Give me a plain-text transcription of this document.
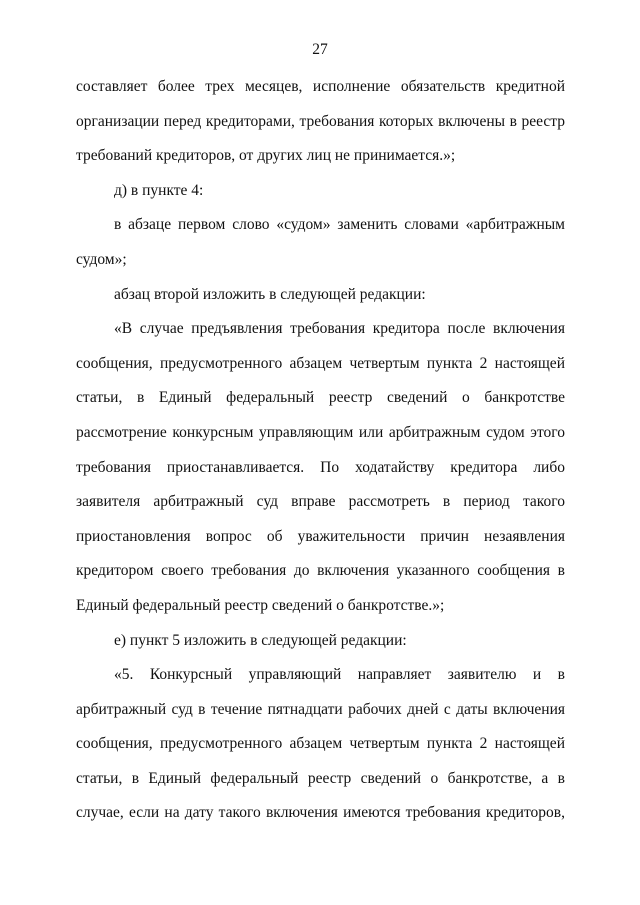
27

составляет более трех месяцев, исполнение обязательств кредитной организации перед кредиторами, требования которых включены в реестр требований кредиторов, от других лиц не принимается.»;

д) в пункте 4:

в абзаце первом слово «судом» заменить словами «арбитражным судом»;

абзац второй изложить в следующей редакции:

«В случае предъявления требования кредитора после включения сообщения, предусмотренного абзацем четвертым пункта 2 настоящей статьи, в Единый федеральный реестр сведений о банкротстве рассмотрение конкурсным управляющим или арбитражным судом этого требования приостанавливается. По ходатайству кредитора либо заявителя арбитражный суд вправе рассмотреть в период такого приостановления вопрос об уважительности причин незаявления кредитором своего требования до включения указанного сообщения в Единый федеральный реестр сведений о банкротстве.»;

е) пункт 5 изложить в следующей редакции:

«5. Конкурсный управляющий направляет заявителю и в арбитражный суд в течение пятнадцати рабочих дней с даты включения сообщения, предусмотренного абзацем четвертым пункта 2 настоящей статьи, в Единый федеральный реестр сведений о банкротстве, а в случае, если на дату такого включения имеются требования кредиторов,
